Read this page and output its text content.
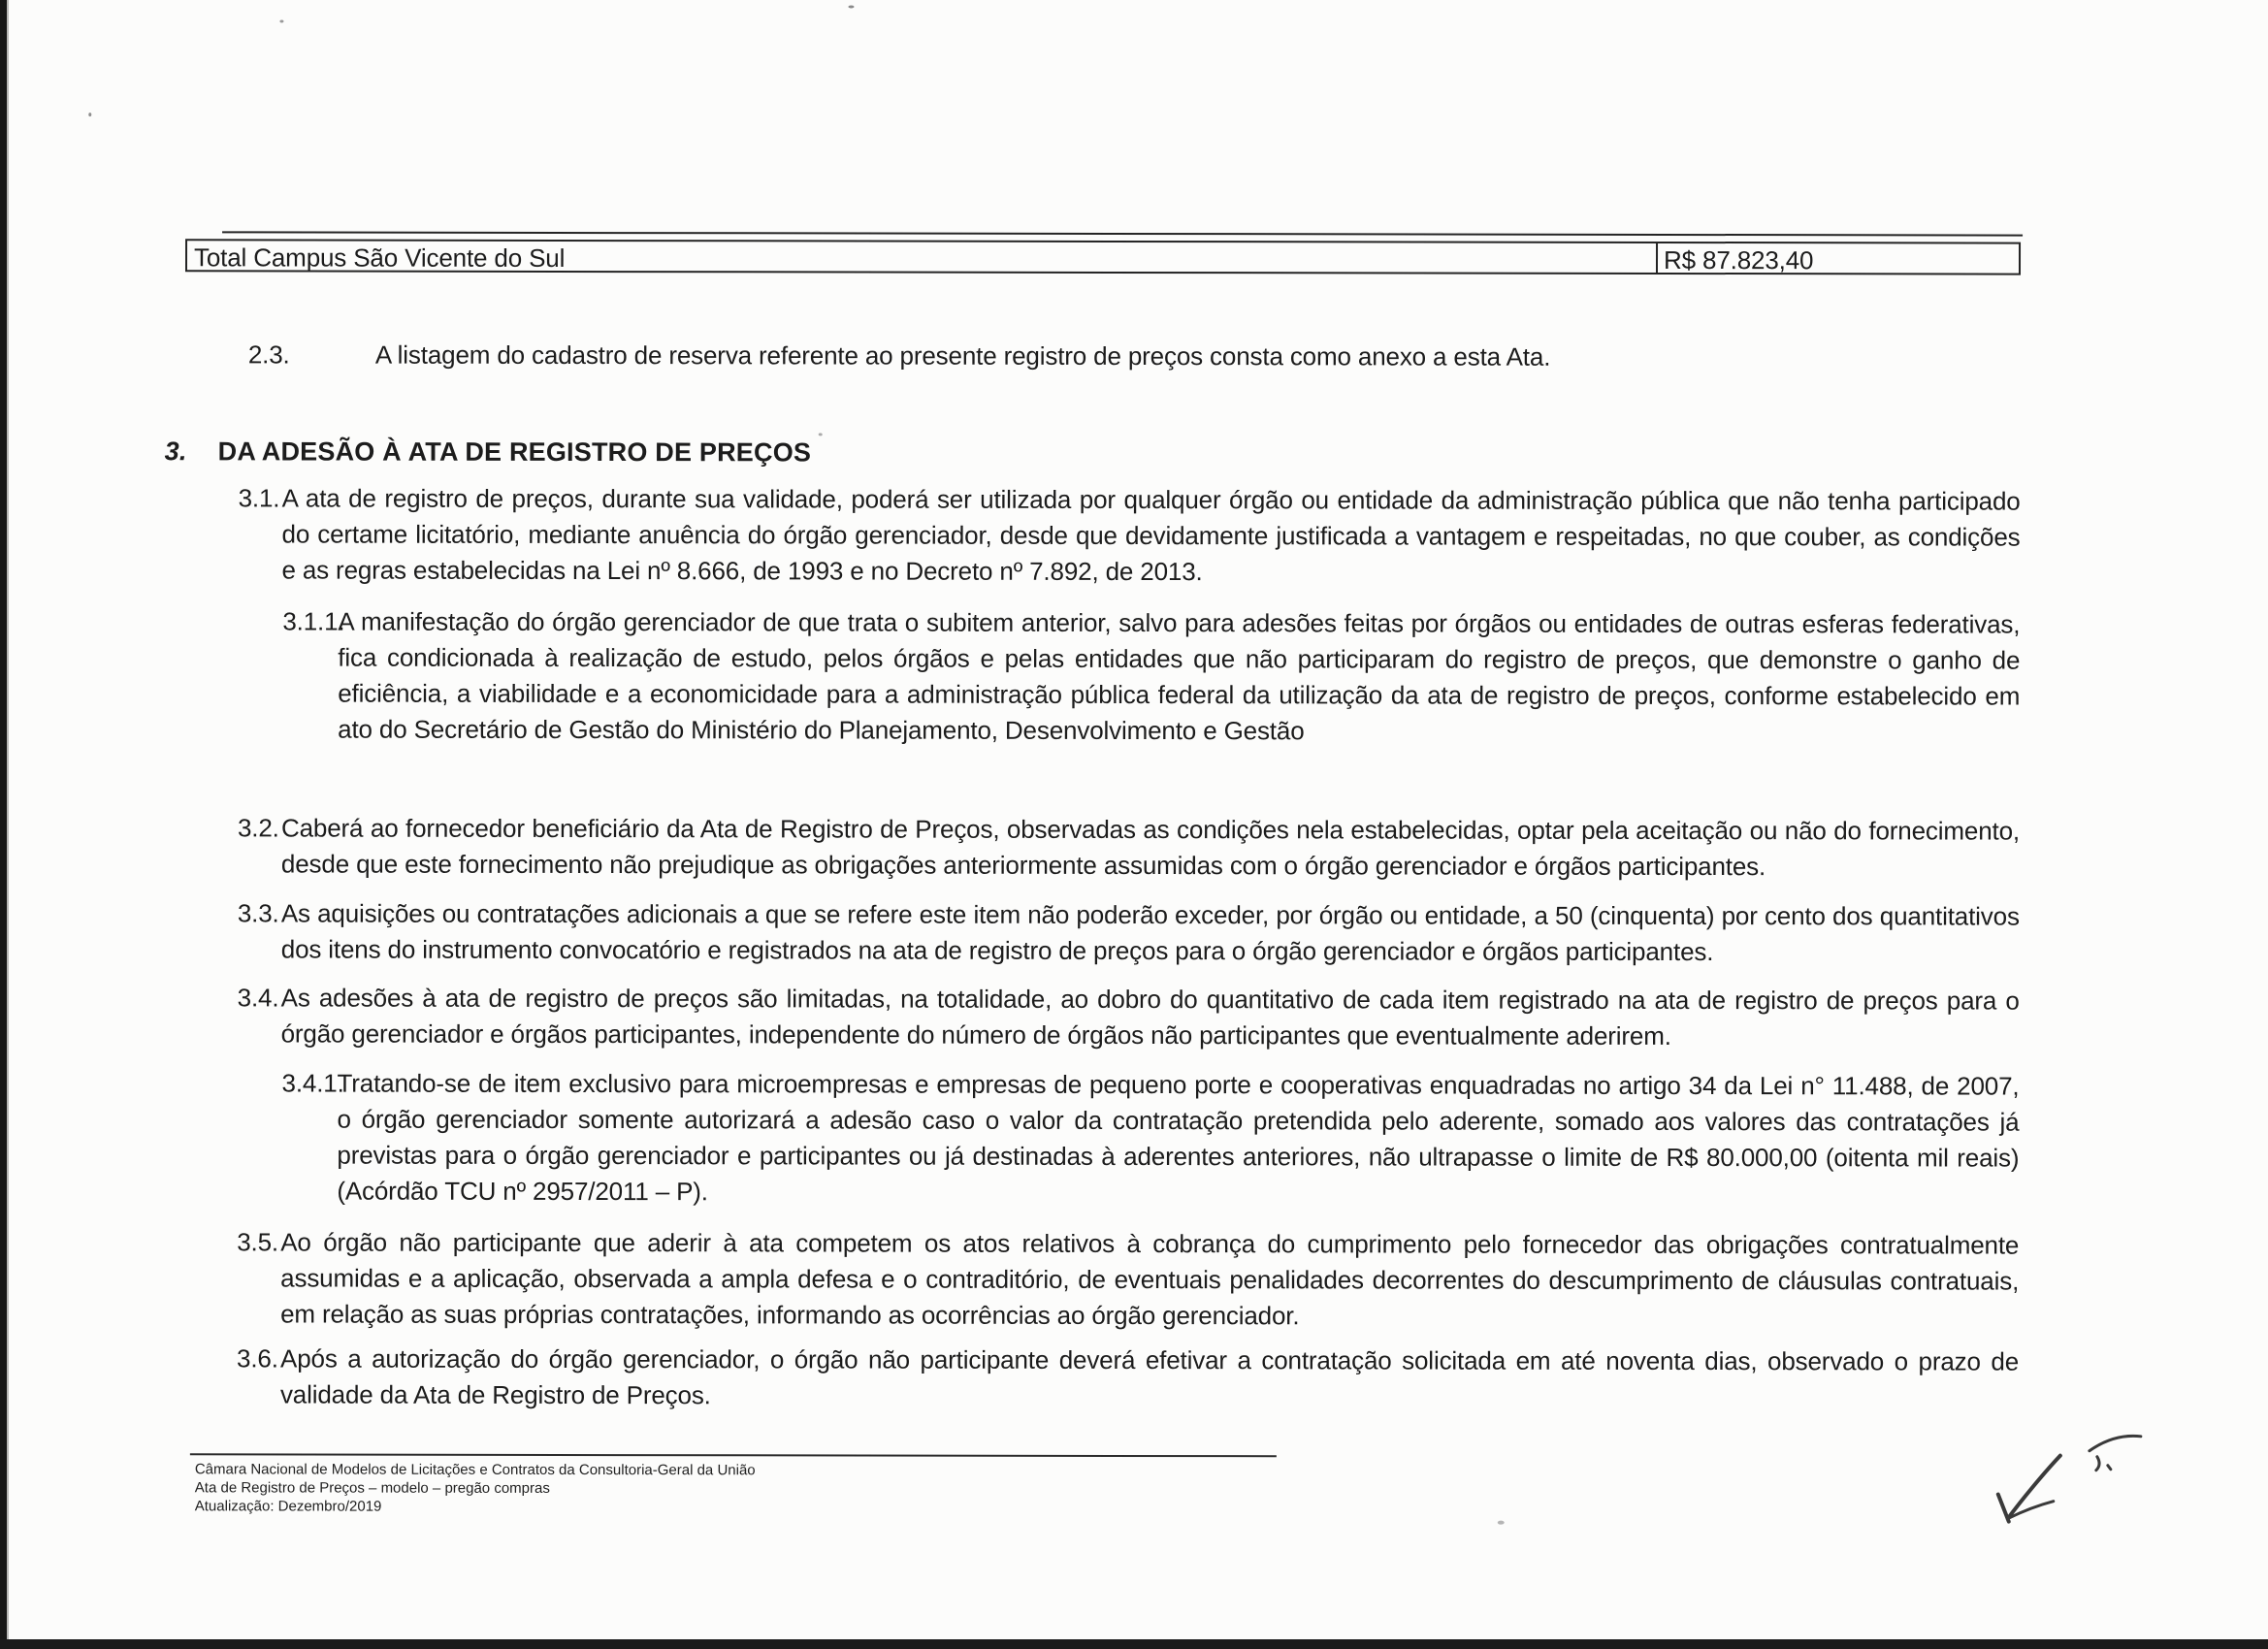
Total Campus São Vicente do Sul	R$ 87.823,40
2.3.	A listagem do cadastro de reserva referente ao presente registro de preços consta como anexo a esta Ata.
3. DA ADESÃO À ATA DE REGISTRO DE PREÇOS
3.1. A ata de registro de preços, durante sua validade, poderá ser utilizada por qualquer órgão ou entidade da administração pública que não tenha participado do certame licitatório, mediante anuência do órgão gerenciador, desde que devidamente justificada a vantagem e respeitadas, no que couber, as condições e as regras estabelecidas na Lei nº 8.666, de 1993 e no Decreto nº 7.892, de 2013.
3.1.1.
A manifestação do órgão gerenciador de que trata o subitem anterior, salvo para adesões feitas por órgãos ou entidades de outras esferas federativas, fica condicionada à realização de estudo, pelos órgãos e pelas entidades que não participaram do registro de preços, que demonstre o ganho de eficiência, a viabilidade e a economicidade para a administração pública federal da utilização da ata de registro de preços, conforme estabelecido em ato do Secretário de Gestão do Ministério do Planejamento, Desenvolvimento e Gestão
3.2. Caberá ao fornecedor beneficiário da Ata de Registro de Preços, observadas as condições nela estabelecidas, optar pela aceitação ou não do fornecimento, desde que este fornecimento não prejudique as obrigações anteriormente assumidas com o órgão gerenciador e órgãos participantes.
3.3. As aquisições ou contratações adicionais a que se refere este item não poderão exceder, por órgão ou entidade, a 50 (cinquenta) por cento dos quantitativos dos itens do instrumento convocatório e registrados na ata de registro de preços para o órgão gerenciador e órgãos participantes.
3.4. As adesões à ata de registro de preços são limitadas, na totalidade, ao dobro do quantitativo de cada item registrado na ata de registro de preços para o órgão gerenciador e órgãos participantes, independente do número de órgãos não participantes que eventualmente aderirem.
3.4.1.
Tratando-se de item exclusivo para microempresas e empresas de pequeno porte e cooperativas enquadradas no artigo 34 da Lei n° 11.488, de 2007, o órgão gerenciador somente autorizará a adesão caso o valor da contratação pretendida pelo aderente, somado aos valores das contratações já previstas para o órgão gerenciador e participantes ou já destinadas à aderentes anteriores, não ultrapasse o limite de R$ 80.000,00 (oitenta mil reais) (Acórdão TCU nº 2957/2011 – P).
3.5. Ao órgão não participante que aderir à ata competem os atos relativos à cobrança do cumprimento pelo fornecedor das obrigações contratualmente assumidas e a aplicação, observada a ampla defesa e o contraditório, de eventuais penalidades decorrentes do descumprimento de cláusulas contratuais, em relação as suas próprias contratações, informando as ocorrências ao órgão gerenciador.
3.6. Após a autorização do órgão gerenciador, o órgão não participante deverá efetivar a contratação solicitada em até noventa dias, observado o prazo de validade da Ata de Registro de Preços.
Câmara Nacional de Modelos de Licitações e Contratos da Consultoria-Geral da União
Ata de Registro de Preços – modelo – pregão compras
Atualização: Dezembro/2019
